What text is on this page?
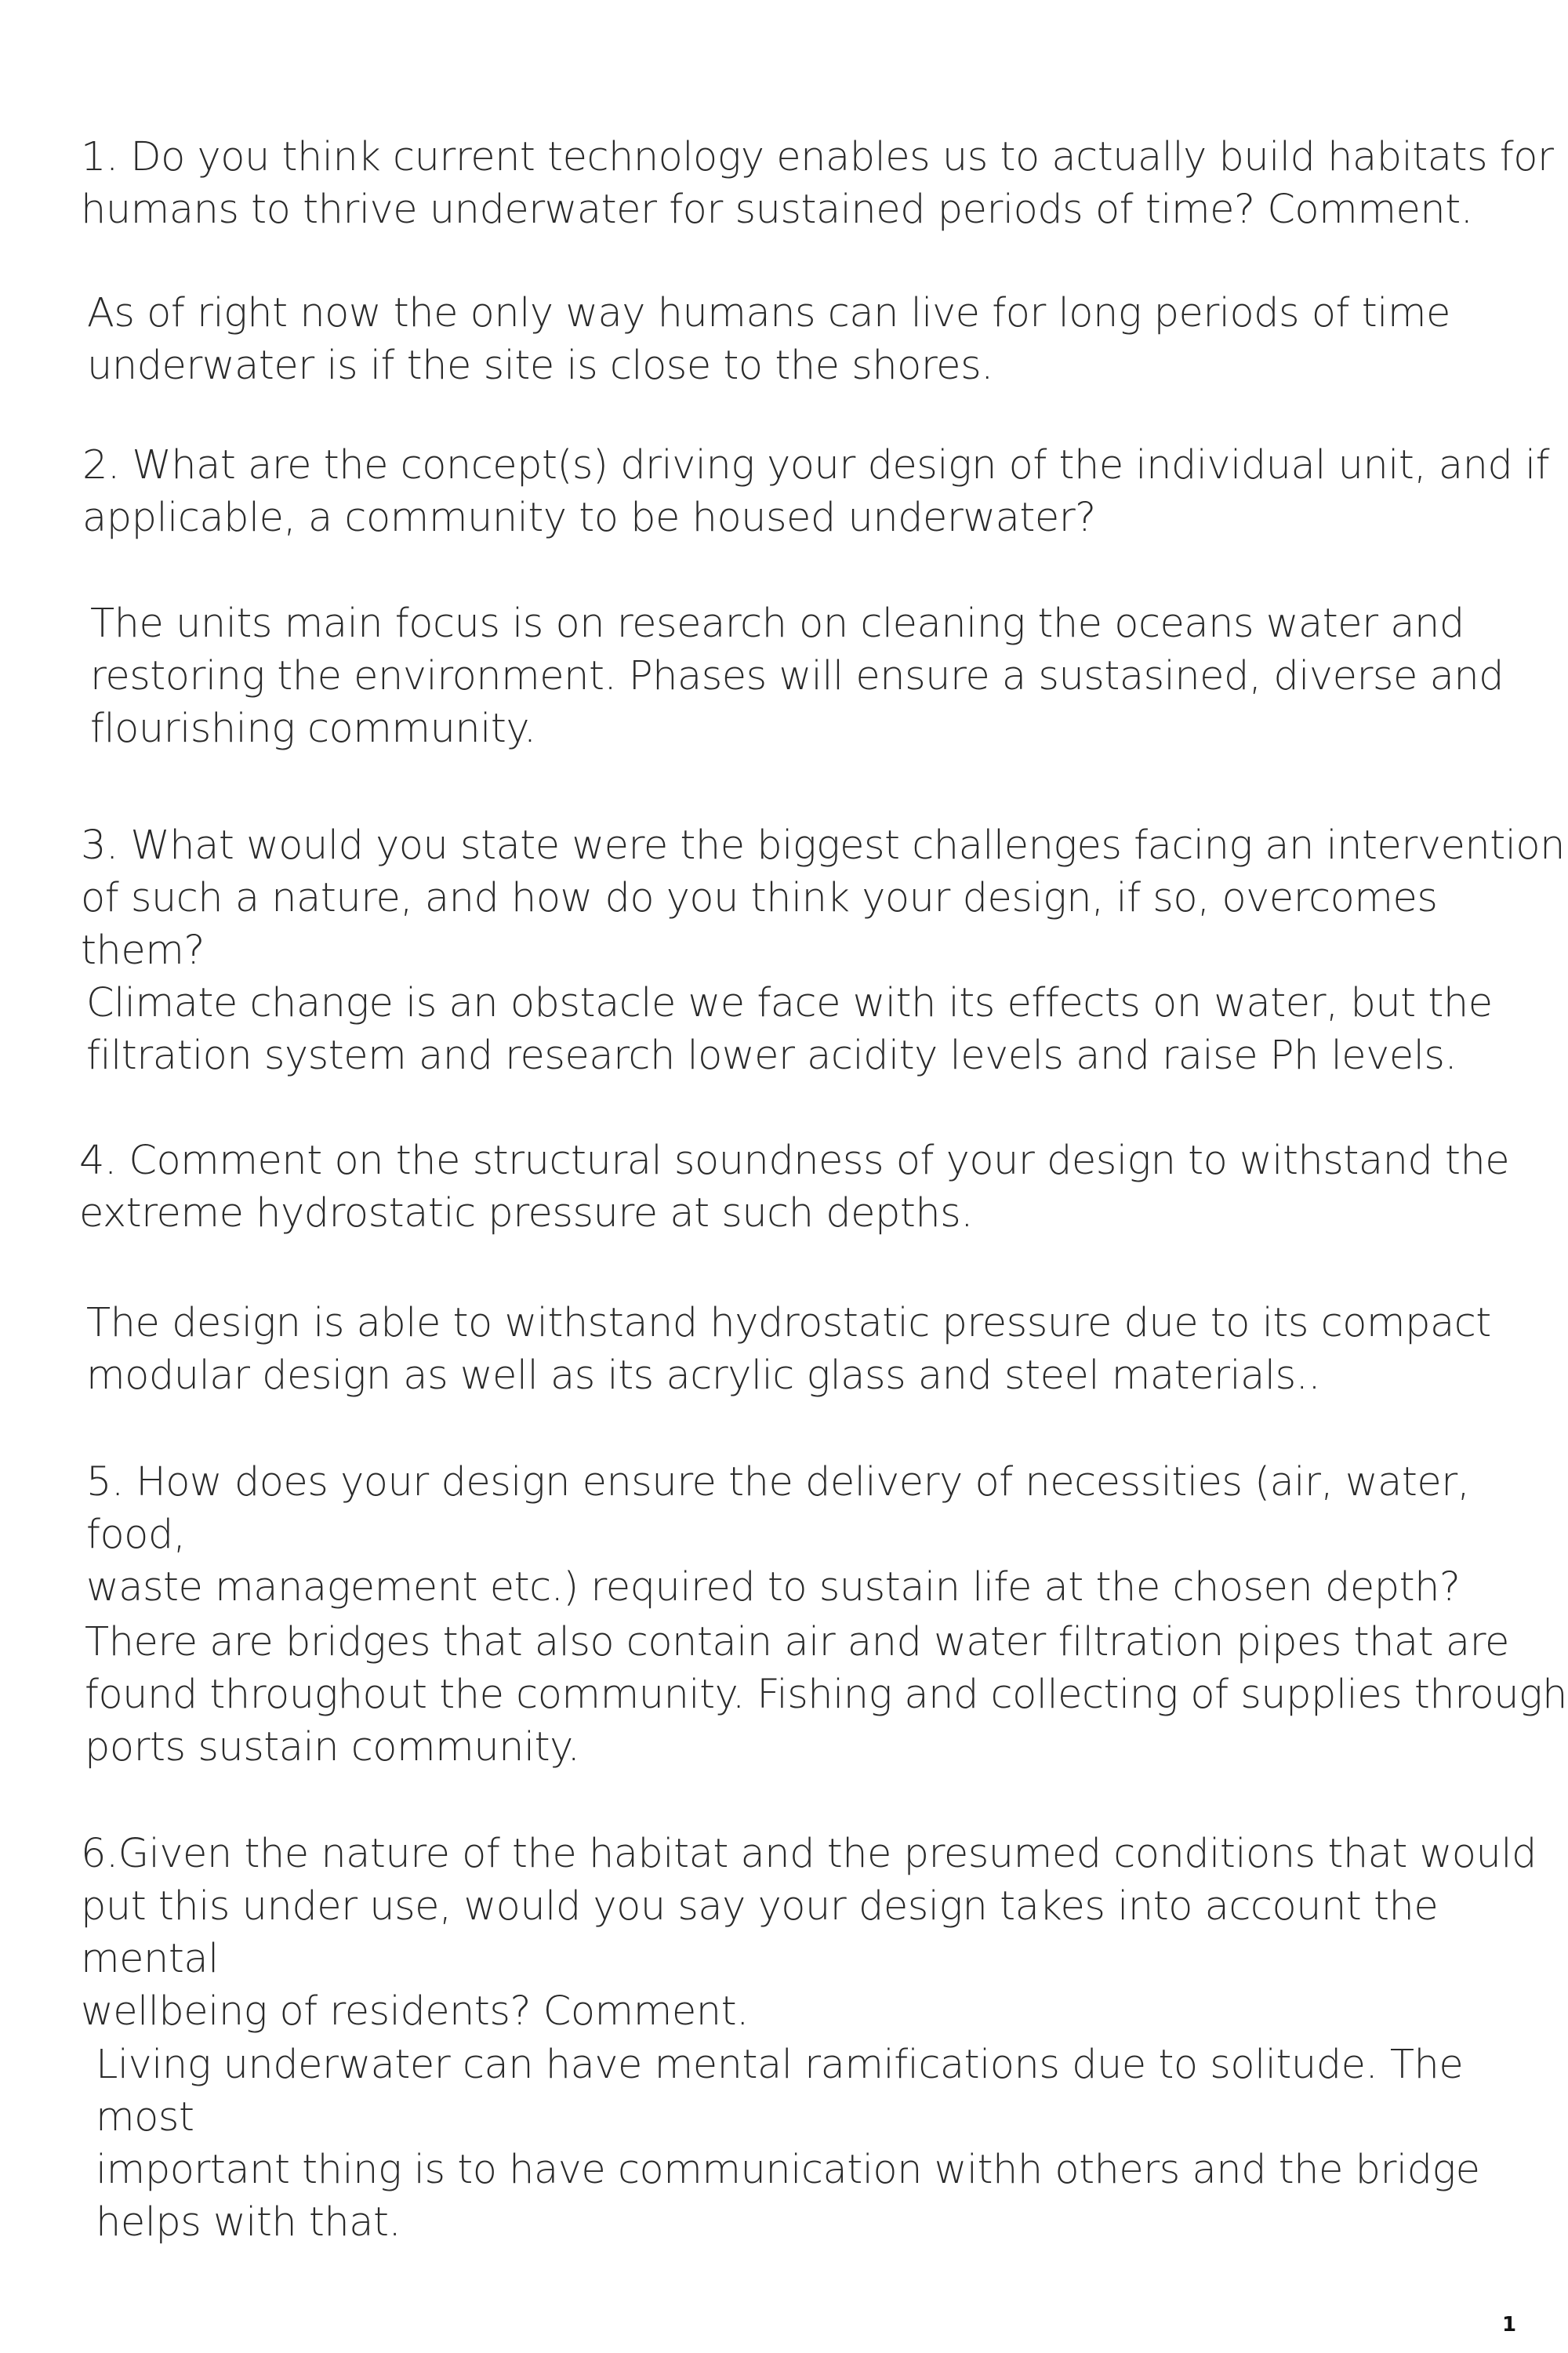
1. Do you think current technology enables us to actually build habitats for
humans to thrive underwater for sustained periods of time? Comment.

As of right now the only way humans can live for long periods of time
underwater is if the site is close to the shores.

2. What are the concept(s) driving your design of the individual unit, and if
applicable, a community to be housed underwater?

The units main focus is on research on cleaning the oceans water and
restoring the environment. Phases will ensure a sustasined, diverse and
flourishing community.

3. What would you state were the biggest challenges facing an intervention
of such a nature, and how do you think your design, if so, overcomes them?

Climate change is an obstacle we face with its effects on water, but the
filtration system and research lower acidity levels and raise Ph levels.

4. Comment on the structural soundness of your design to withstand the
extreme hydrostatic pressure at such depths.

The design is able to withstand hydrostatic pressure due to its compact
modular design as well as its acrylic glass and steel materials..

5. How does your design ensure the delivery of necessities (air, water, food,
waste management etc.) required to sustain life at the chosen depth?

There are bridges that also contain air and water filtration pipes that are
found throughout the community. Fishing and collecting of supplies through
ports sustain community.

6.Given the nature of the habitat and the presumed conditions that would
put this under use, would you say your design takes into account the mental
wellbeing of residents? Comment.

Living underwater can have mental ramifications due to solitude. The most
important thing is to have communication withh others and the bridge
helps with that.

1
